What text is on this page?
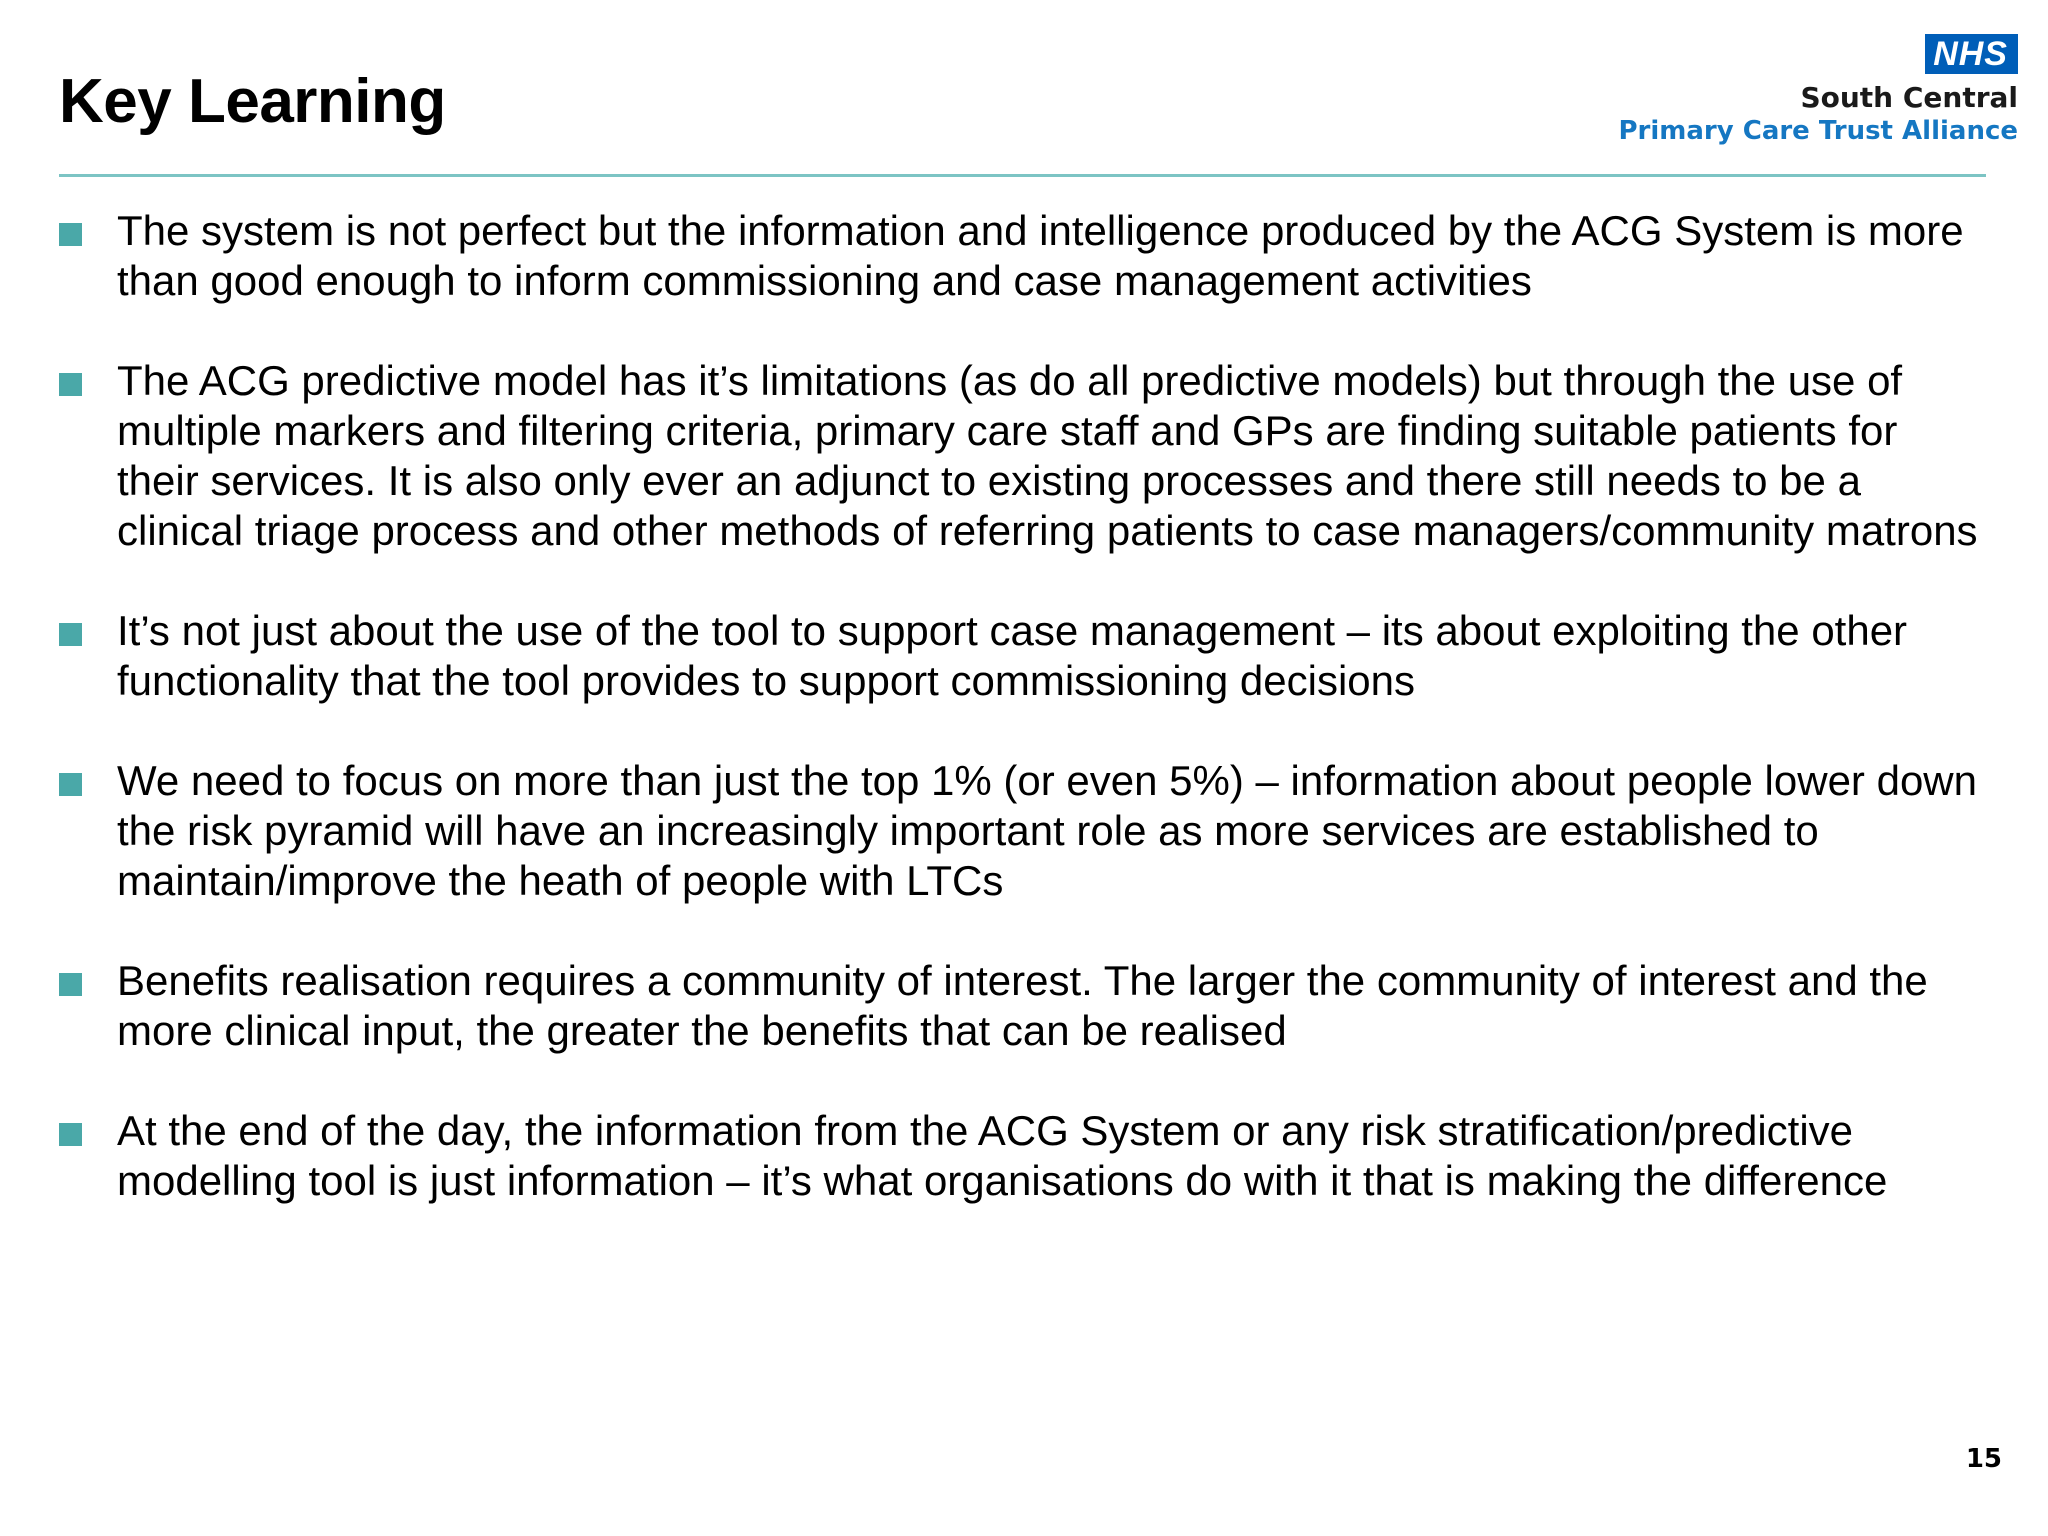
Key Learning
NHS
South Central
Primary Care Trust Alliance
The system is not perfect but the information and intelligence produced by the ACG System is more than good enough to inform commissioning and case management activities
The ACG predictive model has it’s limitations (as do all predictive models) but through the use of multiple markers and filtering criteria, primary care staff and GPs are finding suitable patients for their services. It is also only ever an adjunct to existing processes and there still needs to be a clinical triage process and other methods of referring patients to case managers/community matrons
It’s not just about the use of the tool to support case management – its about exploiting the other functionality that the tool provides to support commissioning decisions
We need to focus on more than just the top 1% (or even 5%) – information about people lower down the risk pyramid will have an increasingly important role as more services are established to maintain/improve the heath of people with LTCs
Benefits realisation requires a community of interest. The larger the community of interest and the more clinical input, the greater the benefits that can be realised
At the end of the day, the information from the ACG System or any risk stratification/predictive modelling tool is just information – it’s what organisations do with it that is making the difference
15
